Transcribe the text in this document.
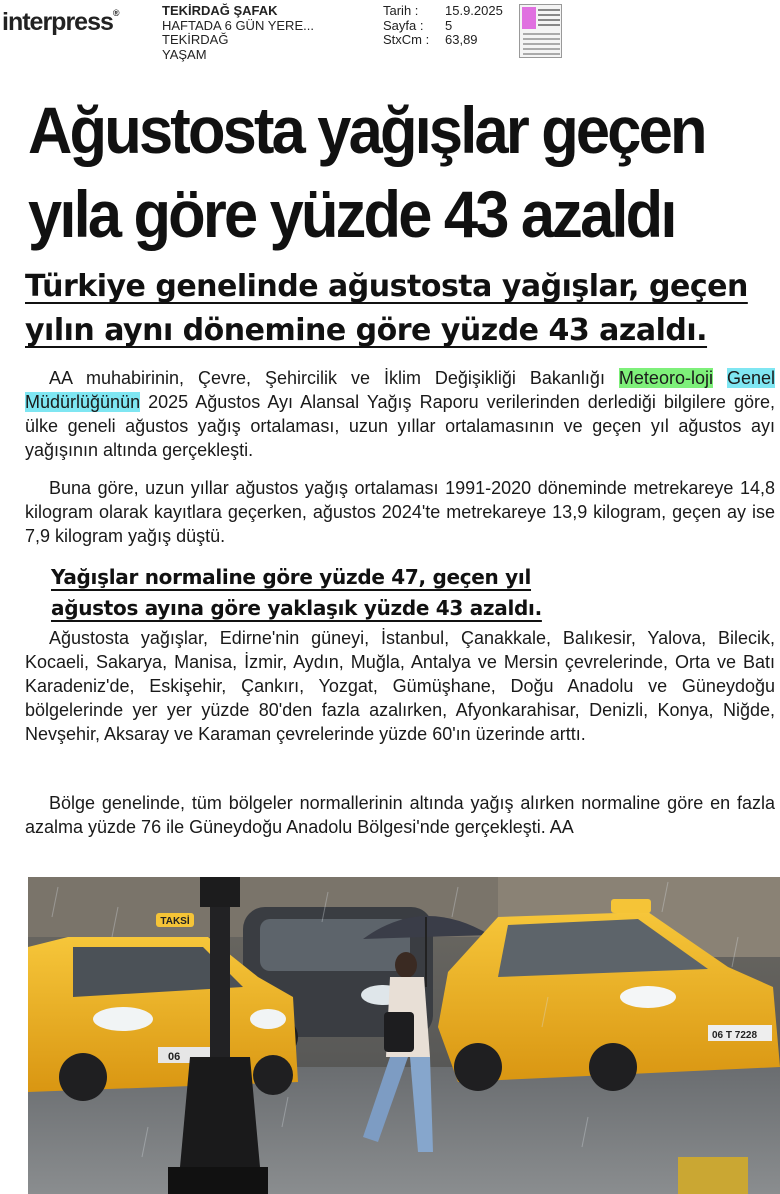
interpress®	TEKİRDAĞ ŞAFAK
HAFTADA 6 GÜN YERE...
TEKİRDAĞ
YAŞAM
Tarih :	15.9.2025
Sayfa :	5
StxCm :	63,89
Ağustosta yağışlar geçen
yıla göre yüzde 43 azaldı
Türkiye genelinde ağustosta yağışlar, geçen
yılın aynı dönemine göre yüzde 43 azaldı.

AA muhabirinin, Çevre, Şehircilik ve İklim Değişikliği Bakanlığı Meteoro-loji Genel Müdürlüğünün 2025 Ağustos Ayı Alansal Yağış Raporu verilerinden derlediği bilgilere göre, ülke geneli ağustos yağış ortalaması, uzun yıllar ortalamasının ve geçen yıl ağustos ayı yağışının altında gerçekleşti.

Buna göre, uzun yıllar ağustos yağış ortalaması 1991-2020 döneminde metrekareye 14,8 kilogram olarak kayıtlara geçerken, ağustos 2024'te metrekareye 13,9 kilogram, geçen ay ise 7,9 kilogram yağış düştü.

Yağışlar normaline göre yüzde 47, geçen yıl
ağustos ayına göre yaklaşık yüzde 43 azaldı.

Ağustosta yağışlar, Edirne'nin güneyi, İstanbul, Çanakkale, Balıkesir, Yalova, Bilecik, Kocaeli, Sakarya, Manisa, İzmir, Aydın, Muğla, Antalya ve Mersin çevrelerinde, Orta ve Batı Karadeniz'de, Eskişehir, Çankırı, Yozgat, Gümüşhane, Doğu Anadolu ve Güneydoğu bölgelerinde yer yer yüzde 80'den fazla azalırken, Afyonkarahisar, Denizli, Konya, Niğde, Nevşehir, Aksaray ve Karaman çevrelerinde yüzde 60'ın üzerinde arttı.

Bölge genelinde, tüm bölgeler normallerinin altında yağış alırken normaline göre en fazla azalma yüzde 76 ile Güneydoğu Anadolu Bölgesi'nde gerçekleşti. AA

TAKSİ
06
06 T 7228
